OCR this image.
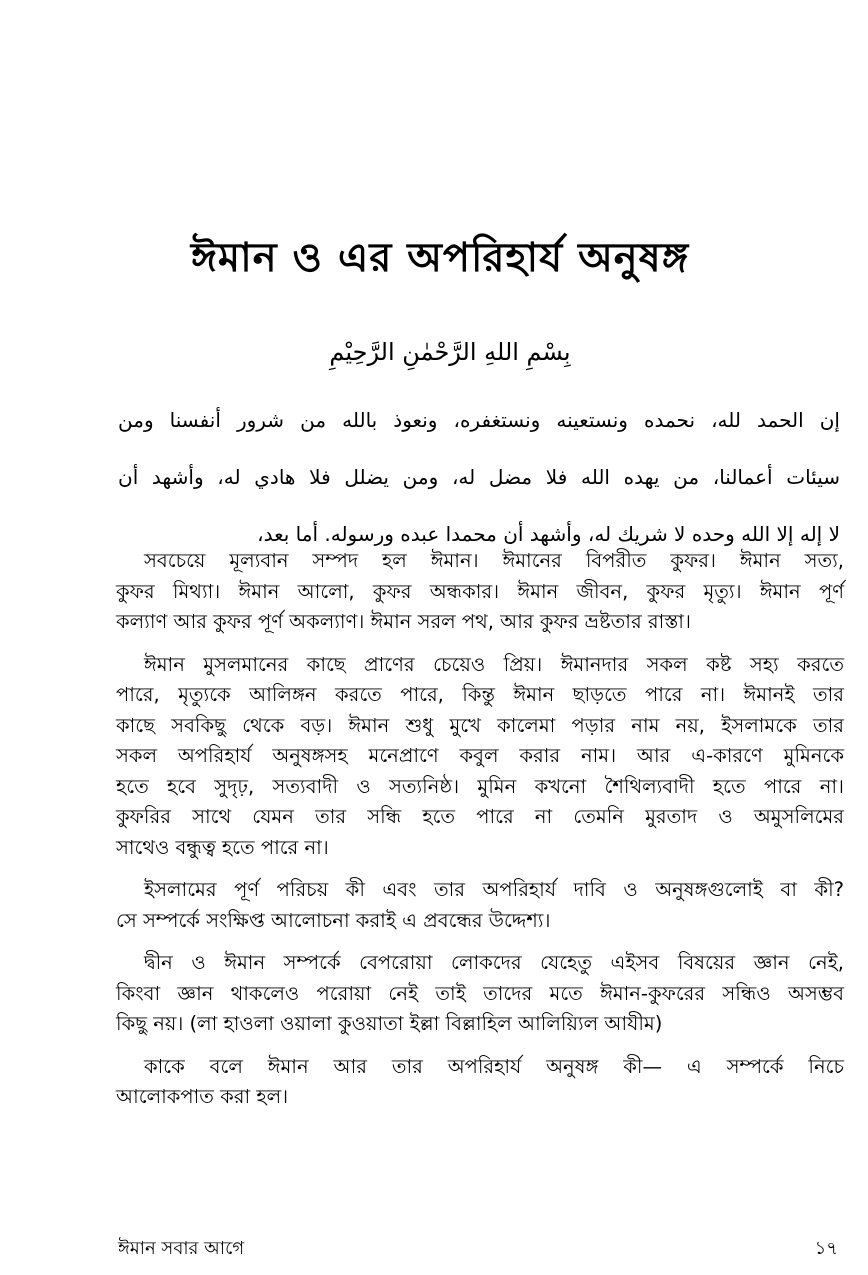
ঈমান ও এর অপরিহার্য অনুষঙ্গ
بِسْمِ اللهِ الرَّحْمٰنِ الرَّحِيْمِ
إن الحمد لله، نحمده ونستعينه ونستغفره، ونعوذ بالله من شرور أنفسنا ومن
سيئات أعمالنا، من يهده الله فلا مضل له، ومن يضلل فلا هادي له، وأشهد أن
لا إله إلا الله وحده لا شريك له، وأشهد أن محمدا عبده ورسوله. أما بعد،
সবচেয়ে মূল্যবান সম্পদ হল ঈমান। ঈমানের বিপরীত কুফর। ঈমান সত্য,
কুফর মিথ্যা। ঈমান আলো, কুফর অন্ধকার। ঈমান জীবন, কুফর মৃত্যু। ঈমান পূর্ণ
কল্যাণ আর কুফর পূর্ণ অকল্যাণ। ঈমান সরল পথ, আর কুফর ভ্রষ্টতার রাস্তা।
ঈমান মুসলমানের কাছে প্রাণের চেয়েও প্রিয়। ঈমানদার সকল কষ্ট সহ্য করতে
পারে, মৃত্যুকে আলিঙ্গন করতে পারে, কিন্তু ঈমান ছাড়তে পারে না। ঈমানই তার
কাছে সবকিছু থেকে বড়। ঈমান শুধু মুখে কালেমা পড়ার নাম নয়, ইসলামকে তার
সকল অপরিহার্য অনুষঙ্গসহ মনেপ্রাণে কবুল করার নাম। আর এ-কারণে মুমিনকে
হতে হবে সুদৃঢ়, সত্যবাদী ও সত্যনিষ্ঠ। মুমিন কখনো শৈথিল্যবাদী হতে পারে না।
কুফরির সাথে যেমন তার সন্ধি হতে পারে না তেমনি মুরতাদ ও অমুসলিমের
সাথেও বন্ধুত্ব হতে পারে না।
ইসলামের পূর্ণ পরিচয় কী এবং তার অপরিহার্য দাবি ও অনুষঙ্গগুলোই বা কী?
সে সম্পর্কে সংক্ষিপ্ত আলোচনা করাই এ প্রবন্ধের উদ্দেশ্য।
দ্বীন ও ঈমান সম্পর্কে বেপরোয়া লোকদের যেহেতু এইসব বিষয়ের জ্ঞান নেই,
কিংবা জ্ঞান থাকলেও পরোয়া নেই তাই তাদের মতে ঈমান-কুফরের সন্ধিও অসম্ভব
কিছু নয়। (লা হাওলা ওয়ালা কুওয়াতা ইল্লা বিল্লাহিল আলিয়্যিল আযীম)
কাকে বলে ঈমান আর তার অপরিহার্য অনুষঙ্গ কী— এ সম্পর্কে নিচে
আলোকপাত করা হল।
ঈমান সবার আগে	১৭
